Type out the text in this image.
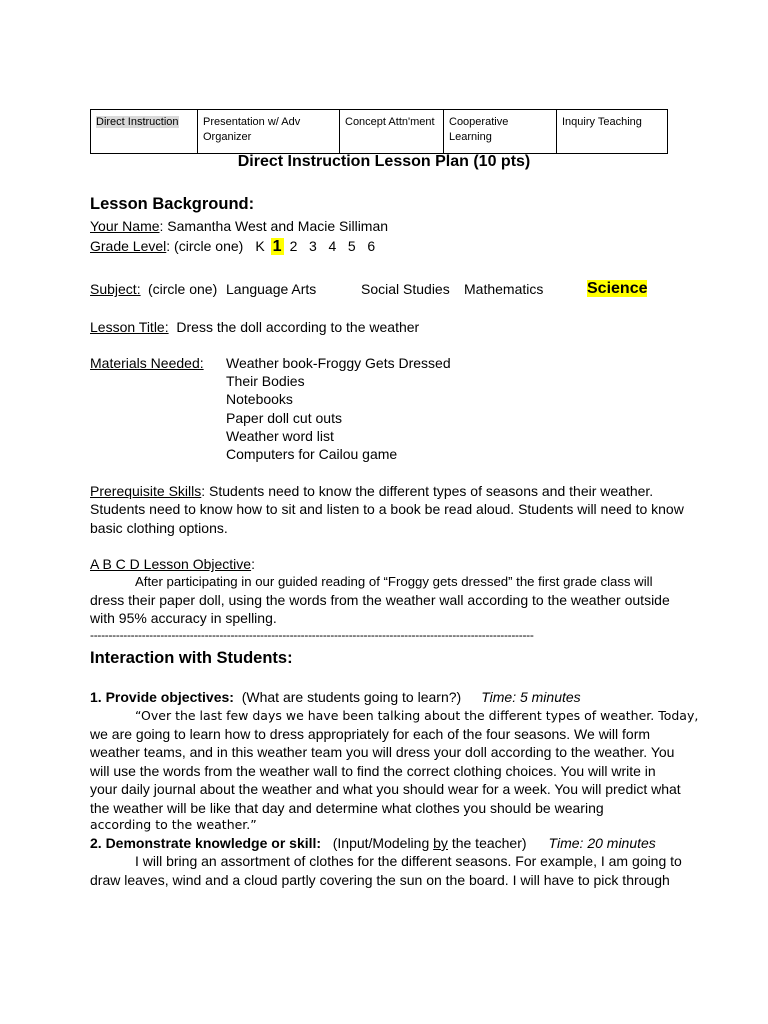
Direct Instruction	Presentation w/ Adv Organizer	Concept Attn'ment	Cooperative Learning	Inquiry Teaching
Direct Instruction Lesson Plan (10 pts)
Lesson Background:
Your Name: Samantha West and Macie Silliman
Grade Level: (circle one) K 1 2   3   4   5   6
Subject: (circle one) Language Arts	Social Studies Mathematics	Science
Lesson Title: Dress the doll according to the weather
Materials Needed: Weather book-Froggy Gets Dressed
Their Bodies
Notebooks
Paper doll cut outs
Weather word list
Computers for Cailou game
Prerequisite Skills: Students need to know the different types of seasons and their weather. Students need to know how to sit and listen to a book be read aloud. Students will need to know basic clothing options.
A B C D Lesson Objective:
After participating in our guided reading of “Froggy gets dressed” the first grade class will
dress their paper doll, using the words from the weather wall according to the weather outside with 95% accuracy in spelling.
------------------------------------------------------------------------------------------------------------------------
Interaction with Students:
1. Provide objectives: (What are students going to learn?) Time: 5 minutes
“Over the last few days we have been talking about the different types of weather. Today,
we are going to learn how to dress appropriately for each of the four seasons. We will form weather teams, and in this weather team you will dress your doll according to the weather. You will use the words from the weather wall to find the correct clothing choices. You will write in your daily journal about the weather and what you should wear for a week. You will predict what the weather will be like that day and determine what clothes you should be wearing
according to the weather.”
2. Demonstrate knowledge or skill: (Input/Modeling by the teacher) Time: 20 minutes
I will bring an assortment of clothes for the different seasons. For example, I am going to
draw leaves, wind and a cloud partly covering the sun on the board. I will have to pick through
